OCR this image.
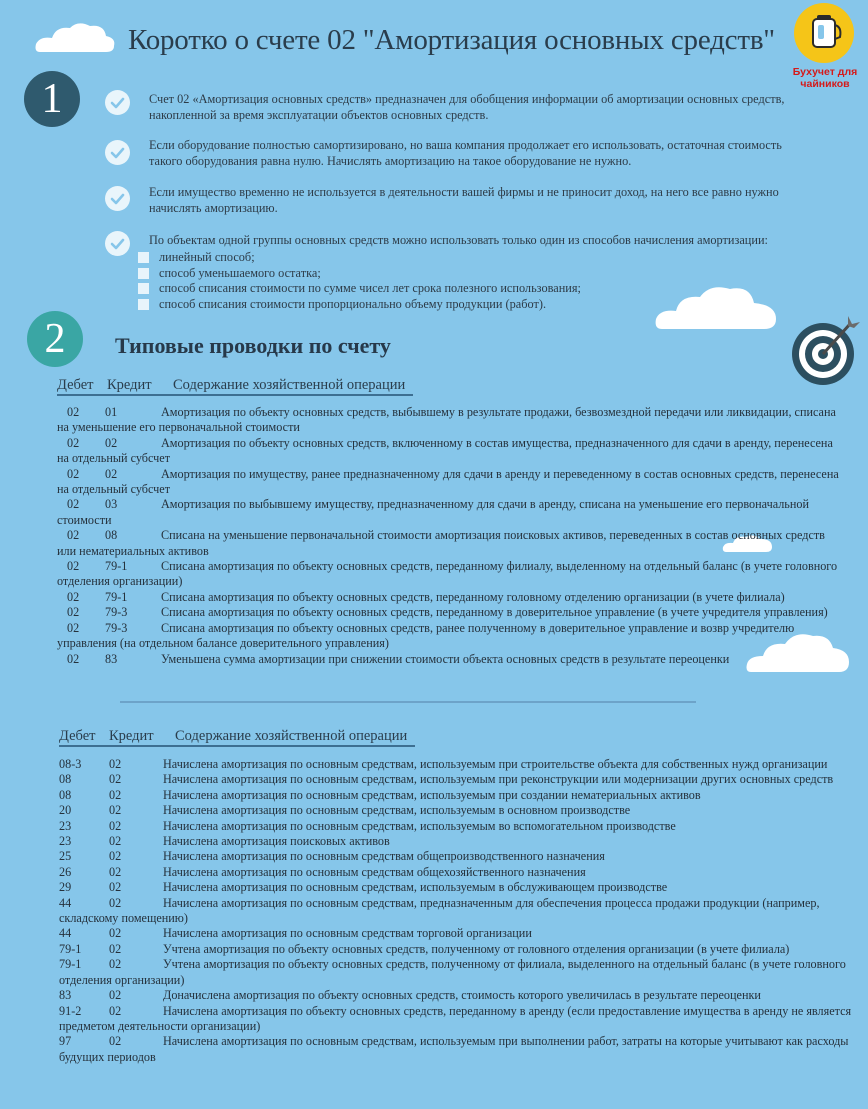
Коротко о счете 02 "Амортизация основных средств"
Бухучет для чайников
1	Счет 02 «Амортизация основных средств» предназначен для обобщения информации об амортизации основных средств, накопленной за время эксплуатации объектов основных средств.
Если оборудование полностью самортизировано, но ваша компания продолжает его использовать, остаточная стоимость такого оборудования равна нулю. Начислять амортизацию на такое оборудование не нужно.
Если имущество временно не используется в деятельности вашей фирмы и не приносит доход, на него все равно нужно начислять амортизацию.
По объектам одной группы основных средств можно использовать только один из способов начисления амортизации:
линейный способ;
способ уменьшаемого остатка;
способ списания стоимости по сумме чисел лет срока полезного использования;
способ списания стоимости пропорционально объему продукции (работ).
2	Типовые проводки по счету
Дебет Кредит Содержание хозяйственной операции
02 01	Амортизация по объекту основных средств, выбывшему в результате продажи, безвозмездной передачи или ликвидации, списана на уменьшение его первоначальной стоимости
02 02	Амортизация по объекту основных средств, включенному в состав имущества, предназначенного для сдачи в аренду, перенесена на отдельный субсчет
02 02	Амортизация по имуществу, ранее предназначенному для сдачи в аренду и переведенному в состав основных средств, перенесена на отдельный субсчет
02 03	Амортизация по выбывшему имуществу, предназначенному для сдачи в аренду, списана на уменьшение его первоначальной стоимости
02 08	Списана на уменьшение первоначальной стоимости амортизация поисковых активов, переведенных в состав основных средств или нематериальных активов
02 79-1	Списана амортизация по объекту основных средств, переданному филиалу, выделенному на отдельный баланс (в учете головного отделения организации)
02 79-1	Списана амортизация по объекту основных средств, переданному головному отделению организации (в учете филиала)
02 79-3	Списана амортизация по объекту основных средств, переданному в доверительное управление (в учете учредителя управления)
02 79-3	Списана амортизация по объекту основных средств, ранее полученному в доверительное управление и возвр учредителю управления (на отдельном балансе доверительного управления)
02 83	Уменьшена сумма амортизации при снижении стоимости объекта основных средств в результате переоценки
Дебет Кредит Содержание хозяйственной операции
08-3 02	Начислена амортизация по основным средствам, используемым при строительстве объекта для собственных нужд организации
08	02	Начислена амортизация по основным средствам, используемым при реконструкции или модернизации других основных средств
08	02	Начислена амортизация по основным средствам, используемым при создании нематериальных активов
20	02	Начислена амортизация по основным средствам, используемым в основном производстве
23	02	Начислена амортизация по основным средствам, используемым во вспомогательном производстве
23	02	Начислена амортизация поисковых активов
25	02	Начислена амортизация по основным средствам общепроизводственного назначения
26	02	Начислена амортизация по основным средствам общехозяйственного назначения
29	02	Начислена амортизация по основным средствам, используемым в обслуживающем производстве
44	02	Начислена амортизация по основным средствам, предназначенным для обеспечения процесса продажи продукции (например, складскому помещению)
44	02	Начислена амортизация по основным средствам торговой организации
79-1 02	Учтена амортизация по объекту основных средств, полученному от головного отделения организации (в учете филиала)
79-1 02	Учтена амортизация по объекту основных средств, полученному от филиала, выделенного на отдельный баланс (в учете головного отделения организации)
83	02	Доначислена амортизация по объекту основных средств, стоимость которого увеличилась в результате переоценки
91-2 02	Начислена амортизация по объекту основных средств, переданному в аренду (если предоставление имущества в аренду не является предметом деятельности организации)
97	02	Начислена амортизация по основным средствам, используемым при выполнении работ, затраты на которые учитывают как расходы будущих периодов
